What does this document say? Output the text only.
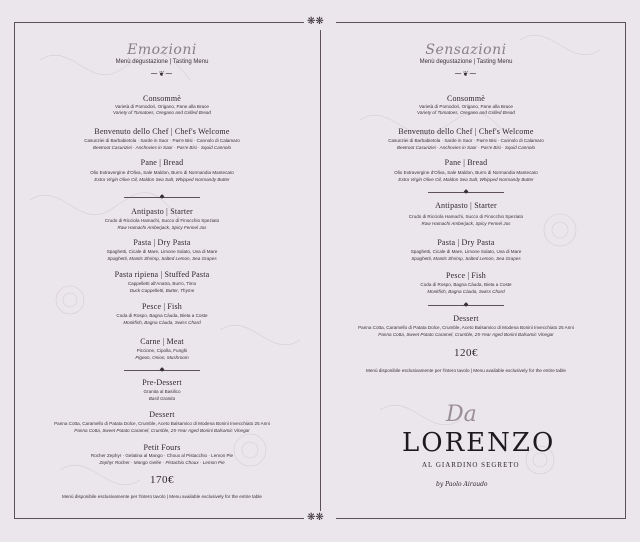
❋❋
❋❋
Emozioni
Menù degustazione | Tasting Menu
⁓❦⁓
Consommè
Varietà di Pomodori, Origano, Pane alla Brace
Variety of Tomatoes, Oregano and Grilled Bread
Benvenuto dello Chef | Chef's Welcome
Casunziei di Barbabietola · Sarde in Saor · Pas'e Bisi · Cannolo di Calamaro
Beetroot Casunziei · Anchovies in Saor · Pas'e Bisi · Squid Cannolo
Pane | Bread
Olio Extravergine d'Oliva, Sale Maldon, Burro di Normandia Mantecato
Extra Virgin Olive Oil, Maldon Sea Salt, Whipped Normandy Butter
◆
Antipasto | Starter
Crudo di Ricciola Hamachi, Succo di Finocchio Speziato
Raw Hamachi Amberjack, Spicy Fennel Jus
Pasta | Dry Pasta
Spaghetti, Cicale di Mare, Limone Salato, Uva di Mare
Spaghetti, Mantis Shrimp, Salted Lemon, Sea Grapes
Pasta ripiena | Stuffed Pasta
Cappelletti all'Anatra, Burro, Timo
Duck Cappelletti, Butter, Thyme
Pesce | Fish
Coda di Rospo, Bagna Càuda, Bieta a Coste
Monkfish, Bagna Càuda, Swiss Chard
Carne | Meat
Piccione, Cipolla, Funghi
Pigeon, Onion, Mushroom
◆
Pre-Dessert
Granita al Basilico
Basil Granita
Dessert
Panna Cotta, Caramello di Patata Dolce, Crumble, Aceto Balsamico di Modena Bonini Invecchiato 25 Anni
Panna Cotta, Sweet Potato Caramel, Crumble, 25-Year Aged Bonini Balsamic Vinegar
Petit Fours
Rocher Zephyr · Gelatina al Mango · Choux al Pistacchio · Lemon Pie
Zephyr Rocher · Mango Gelée · Pistachio Choux · Lemon Pie
170€
Menù disponibile esclusivamente per l'intero tavolo | Menu available exclusively for the entire table
Sensazioni
Menù degustazione | Tasting Menu
⁓❦⁓
Consommè
Varietà di Pomodori, Origano, Pane alla Brace
Variety of Tomatoes, Oregano and Grilled Bread
Benvenuto dello Chef | Chef's Welcome
Casunziei di Barbabietola · Sarde in Saor · Pas'e Bisi · Cannolo di Calamaro
Beetroot Casunziei · Anchovies in Saor · Pas'e Bisi · Squid Cannolo
Pane | Bread
Olio Extravergine d'Oliva, Sale Maldon, Burro di Normandia Mantecato
Extra Virgin Olive Oil, Maldon Sea Salt, Whipped Normandy Butter
◆
Antipasto | Starter
Crudo di Ricciola Hamachi, Succo di Finocchio Speziato
Raw Hamachi Amberjack, Spicy Fennel Jus
Pasta | Dry Pasta
Spaghetti, Cicale di Mare, Limone Salato, Uva di Mare
Spaghetti, Mantis Shrimp, Salted Lemon, Sea Grapes
Pesce | Fish
Coda di Rospo, Bagna Càuda, Bieta a Coste
Monkfish, Bagna Càuda, Swiss Chard
◆
Dessert
Panna Cotta, Caramello di Patata Dolce, Crumble, Aceto Balsamico di Modena Bonini Invecchiato 25 Anni
Panna Cotta, Sweet Potato Caramel, Crumble, 25-Year Aged Bonini Balsamic Vinegar
120€
Menù disponibile esclusivamente per l'intero tavolo | Menu available exclusively for the entire table
Da
LORENZO
AL GIARDINO SEGRETO
by Paolo Airaudo
